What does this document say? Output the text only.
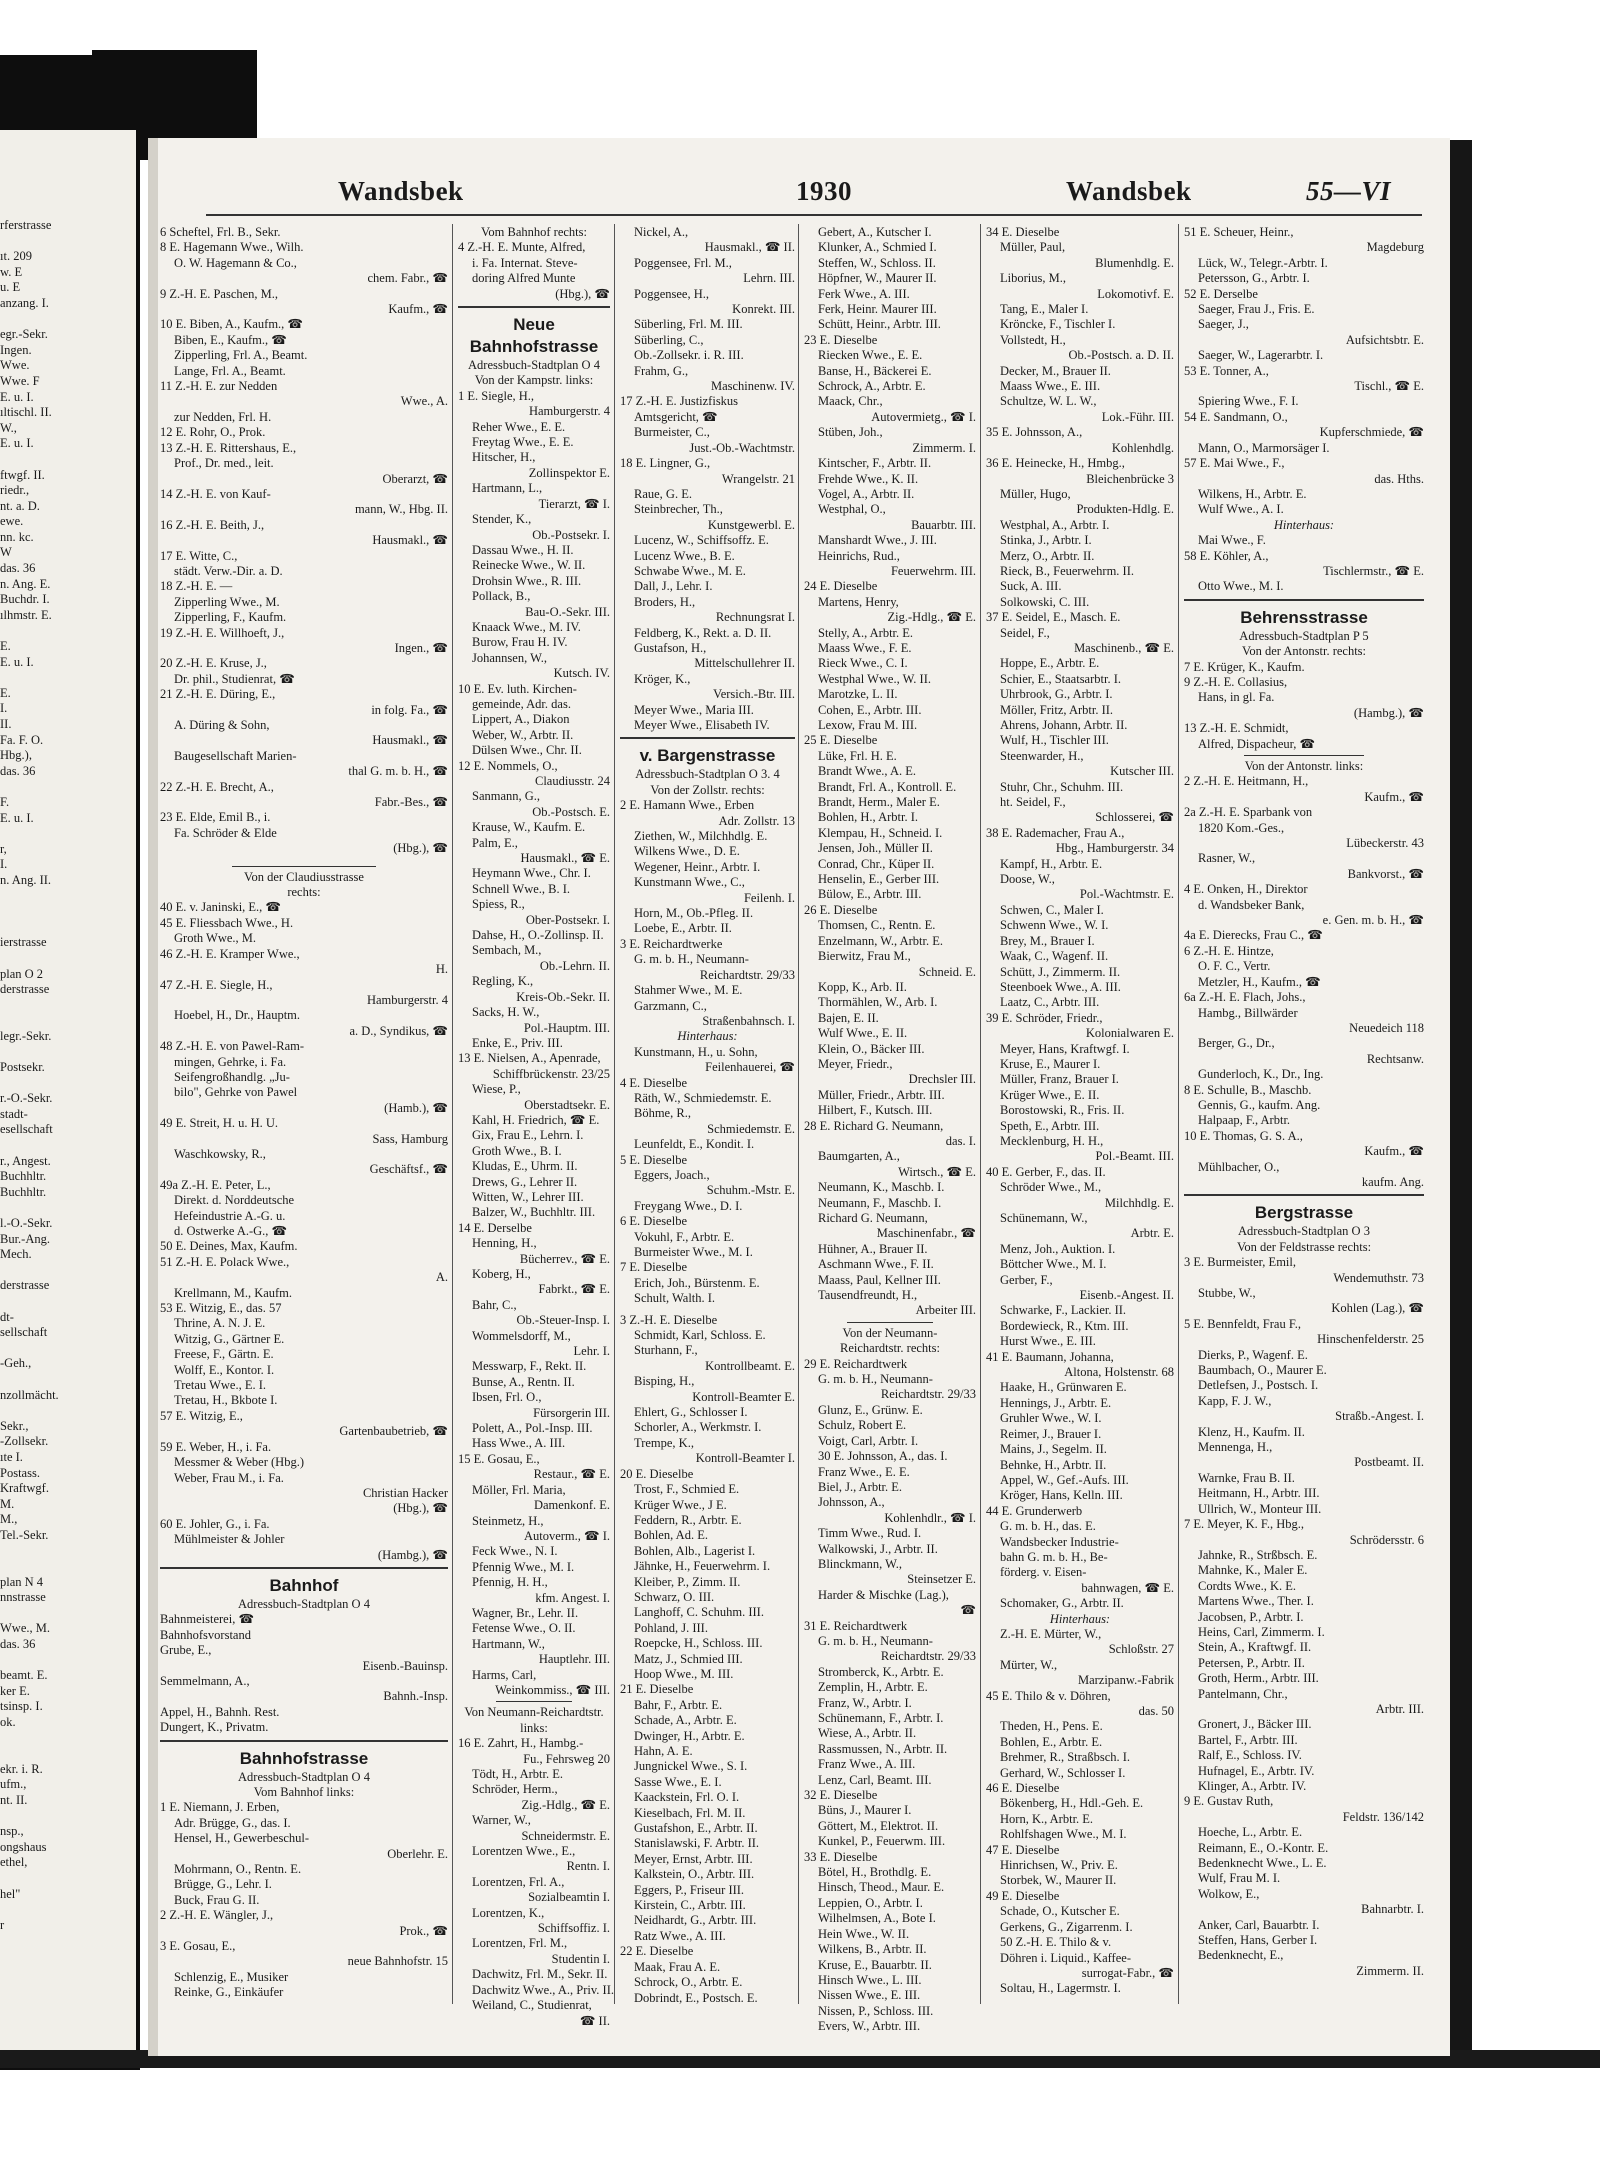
rferstrasse

ıt. 209
w. E
u. E
anzang. I.

egr.-Sekr.
Ingen.
Wwe.
Wwe. F
E. u. I.
ıltischl. II.
W.,
E. u. I.

ftwgf. II.
riedr.,
nt. a. D.
ewe.
nn. kc.
W
das. 36
n. Ang. E.
Buchdr. I.
ılhmstr. E.

E.
E. u. I.

E.
I.
II.
Fa. F. O.
Hbg.),
das. 36

F.
E. u. I.

r,
I.
n. Ang. II.

ierstrasse

plan O 2
derstrasse

legr.-Sekr.

Postsekr.

r.-O.-Sekr.
stadt-
esellschaft

r., Angest.
Buchhltr.
Buchhltr.

l.-O.-Sekr.
Bur.-Ang.
Mech.

derstrasse

dt-
sellschaft

-Geh.,

nzollmächt.

Sekr.,
-Zollsekr.
ıte I.
Postass.
Kraftwgf.
M.
M.,
Tel.-Sekr.

plan N 4
nnstrasse

Wwe., M.
das. 36

beamt. E.
ker E.
tsinsp. I.
ok.

ekr. i. R.
ufm.,
nt. II.

nsp.,
ongshaus
ethel,

hel"

r
Wandsbek	1930	Wandsbek	55—VI
6 Scheftel, Frl. B., Sekr.
8 E. Hagemann Wwe., Wilh.
O. W. Hagemann & Co.,
chem. Fabr., ☎
9 Z.-H. E. Paschen, M.,
Kaufm., ☎
10 E. Biben, A., Kaufm., ☎
Biben, E., Kaufm., ☎
Zipperling, Frl. A., Beamt.
Lange, Frl. A., Beamt.
11 Z.-H. E. zur Nedden
Wwe., A.
zur Nedden, Frl. H.
12 E. Rohr, O., Prok.
13 Z.-H. E. Rittershaus, E.,
Prof., Dr. med., leit.
Oberarzt, ☎
14 Z.-H. E. von Kauf-
mann, W., Hbg. II.
16 Z.-H. E. Beith, J.,
Hausmakl., ☎
17 E. Witte, C.,
städt. Verw.-Dir. a. D.
18 Z.-H. E. —
Zipperling Wwe., M.
Zipperling, F., Kaufm.
19 Z.-H. E. Willhoeft, J.,
Ingen., ☎
20 Z.-H. E. Kruse, J.,
Dr. phil., Studienrat, ☎
21 Z.-H. E. Düring, E.,
in folg. Fa., ☎
A. Düring & Sohn,
Hausmakl., ☎
Baugesellschaft Marien-
thal G. m. b. H., ☎
22 Z.-H. E. Brecht, A.,
Fabr.-Bes., ☎
23 E. Elde, Emil B., i.
Fa. Schröder & Elde
(Hbg.), ☎
Von der Claudiusstrasse
rechts:
40 E. v. Janinski, E., ☎
45 E. Fliessbach Wwe., H.
Groth Wwe., M.
46 Z.-H. E. Kramper Wwe.,
H.
47 Z.-H. E. Siegle, H.,
Hamburgerstr. 4
Hoebel, H., Dr., Hauptm.
a. D., Syndikus, ☎
48 Z.-H. E. von Pawel-Ram-
mingen, Gehrke, i. Fa.
Seifengroßhandlg. „Ju-
bilo", Gehrke von Pawel
(Hamb.), ☎
49 E. Streit, H. u. H. U.
Sass, Hamburg
Waschkowsky, R.,
Geschäftsf., ☎
49a Z.-H. E. Peter, L.,
Direkt. d. Norddeutsche
Hefeindustrie A.-G. u.
d. Ostwerke A.-G., ☎
50 E. Deines, Max, Kaufm.
51 Z.-H. E. Polack Wwe.,
A.
Krellmann, M., Kaufm.
53 E. Witzig, E., das. 57
Thrine, A. N. J. E.
Witzig, G., Gärtner E.
Freese, F., Gärtn. E.
Wolff, E., Kontor. I.
Tretau Wwe., E. I.
Tretau, H., Bkbote I.
57 E. Witzig, E.,
Gartenbaubetrieb, ☎
59 E. Weber, H., i. Fa.
Messmer & Weber (Hbg.)
Weber, Frau M., i. Fa.
Christian Hacker
(Hbg.), ☎
60 E. Johler, G., i. Fa.
Mühlmeister & Johler
(Hambg.), ☎
Bahnhof
Adressbuch-Stadtplan O 4
Bahnmeisterei, ☎
Bahnhofsvorstand
Grube, E.,
Eisenb.-Bauinsp.
Semmelmann, A.,
Bahnh.-Insp.
Appel, H., Bahnh. Rest.
Dungert, K., Privatm.
Bahnhofstrasse
Adressbuch-Stadtplan O 4
Vom Bahnhof links:
1 E. Niemann, J. Erben,
Adr. Brügge, G., das. I.
Hensel, H., Gewerbeschul-
Oberlehr. E.
Mohrmann, O., Rentn. E.
Brügge, G., Lehr. I.
Buck, Frau G. II.
2 Z.-H. E. Wängler, J.,
Prok., ☎
3 E. Gosau, E.,
neue Bahnhofstr. 15
Schlenzig, E., Musiker
Reinke, G., Einkäufer
Vom Bahnhof rechts:
4 Z.-H. E. Munte, Alfred,
i. Fa. Internat. Steve-
doring Alfred Munte
(Hbg.), ☎
Neue Bahnhofstrasse
Adressbuch-Stadtplan O 4
Von der Kampstr. links:
1 E. Siegle, H.,
Hamburgerstr. 4
Reher Wwe., E. E.
Freytag Wwe., E. E.
Hitscher, H.,
Zollinspektor E.
Hartmann, L.,
Tierarzt, ☎ I.
Stender, K.,
Ob.-Postsekr. I.
Dassau Wwe., H. II.
Reinecke Wwe., W. II.
Drohsin Wwe., R. III.
Pollack, B.,
Bau-O.-Sekr. III.
Knaack Wwe., M. IV.
Burow, Frau H. IV.
Johannsen, W.,
Kutsch. IV.
10 E. Ev. luth. Kirchen-
gemeinde, Adr. das.
Lippert, A., Diakon
Weber, W., Arbtr. II.
Dülsen Wwe., Chr. II.
12 E. Nommels, O.,
Claudiusstr. 24
Sanmann, G.,
Ob.-Postsch. E.
Krause, W., Kaufm. E.
Palm, E.,
Hausmakl., ☎ E.
Heymann Wwe., Chr. I.
Schnell Wwe., B. I.
Spiess, R.,
Ober-Postsekr. I.
Dahse, H., O.-Zollinsp. II.
Sembach, M.,
Ob.-Lehrn. II.
Regling, K.,
Kreis-Ob.-Sekr. II.
Sacks, H. W.,
Pol.-Hauptm. III.
Enke, E., Priv. III.
13 E. Nielsen, A., Apenrade,
Schiffbrückenstr. 23/25
Wiese, P.,
Oberstadtsekr. E.
Kahl, H. Friedrich, ☎ E.
Gix, Frau E., Lehrn. I.
Groth Wwe., B. I.
Kludas, E., Uhrm. II.
Drews, G., Lehrer II.
Witten, W., Lehrer III.
Balzer, W., Buchhltr. III.
14 E. Derselbe
Henning, H.,
Bücherrev., ☎ E.
Koberg, H.,
Fabrkt., ☎ E.
Bahr, C.,
Ob.-Steuer-Insp. I.
Wommelsdorff, M.,
Lehr. I.
Messwarp, F., Rekt. II.
Bunse, A., Rentn. II.
Ibsen, Frl. O.,
Fürsorgerin III.
Polett, A., Pol.-Insp. III.
Hass Wwe., A. III.
15 E. Gosau, E.,
Restaur., ☎ E.
Möller, Frl. Maria,
Damenkonf. E.
Steinmetz, H.,
Autoverm., ☎ I.
Feck Wwe., N. I.
Pfennig Wwe., M. I.
Pfennig, H. H.,
kfm. Angest. I.
Wagner, Br., Lehr. II.
Fetense Wwe., O. II.
Hartmann, W.,
Hauptlehr. III.
Harms, Carl,
Weinkommiss., ☎ III.
Von Neumann-Reichardtstr.
links:
16 E. Zahrt, H., Hambg.-
Fu., Fehrsweg 20
Tödt, H., Arbtr. E.
Schröder, Herm.,
Zig.-Hdlg., ☎ E.
Warner, W.,
Schneidermstr. E.
Lorentzen Wwe., E.,
Rentn. I.
Lorentzen, Frl. A.,
Sozialbeamtin I.
Lorentzen, K.,
Schiffsoffiz. I.
Lorentzen, Frl. M.,
Studentin I.
Dachwitz, Frl. M., Sekr. II.
Dachwitz Wwe., A., Priv. II.
Weiland, C., Studienrat,
☎ II.
Nickel, A.,
Hausmakl., ☎ II.
Poggensee, Frl. M.,
Lehrn. III.
Poggensee, H.,
Konrekt. III.
Süberling, Frl. M. III.
Süberling, C.,
Ob.-Zollsekr. i. R. III.
Frahm, G.,
Maschinenw. IV.
17 Z.-H. E. Justizfiskus
Amtsgericht, ☎
Burmeister, C.,
Just.-Ob.-Wachtmstr.
18 E. Lingner, G.,
Wrangelstr. 21
Raue, G. E.
Steinbrecher, Th.,
Kunstgewerbl. E.
Lucenz, W., Schiffsoffz. E.
Lucenz Wwe., B. E.
Schwabe Wwe., M. E.
Dall, J., Lehr. I.
Broders, H.,
Rechnungsrat I.
Feldberg, K., Rekt. a. D. II.
Gustafson, H.,
Mittelschullehrer II.
Kröger, K.,
Versich.-Btr. III.
Meyer Wwe., Maria III.
Meyer Wwe., Elisabeth IV.
v. Bargenstrasse
Adressbuch-Stadtplan O 3. 4
Von der Zollstr. rechts:
2 E. Hamann Wwe., Erben
Adr. Zollstr. 13
Ziethen, W., Milchhdlg. E.
Wilkens Wwe., D. E.
Wegener, Heinr., Arbtr. I.
Kunstmann Wwe., C.,
Feilenh. I.
Horn, M., Ob.-Pfleg. II.
Loebe, E., Arbtr. II.
3 E. Reichardtwerke
G. m. b. H., Neumann-
Reichardtstr. 29/33
Stahmer Wwe., M. E.
Garzmann, C.,
Straßenbahnsch. I.
Hinterhaus:
Kunstmann, H., u. Sohn,
Feilenhauerei, ☎
4 E. Dieselbe
Räth, W., Schmiedemstr. E.
Böhme, R.,
Schmiedemstr. E.
Leunfeldt, E., Kondit. I.
5 E. Dieselbe
Eggers, Joach.,
Schuhm.-Mstr. E.
Freygang Wwe., D. I.
6 E. Dieselbe
Vokuhl, F., Arbtr. E.
Burmeister Wwe., M. I.
7 E. Dieselbe
Erich, Joh., Bürstenm. E.
Schult, Walth. I.
3 Z.-H. E. Dieselbe
Schmidt, Karl, Schloss. E.
Sturhann, F.,
Kontrollbeamt. E.
Bisping, H.,
Kontroll-Beamter E.
Ehlert, G., Schlosser I.
Schorler, A., Werkmstr. I.
Trempe, K.,
Kontroll-Beamter I.
20 E. Dieselbe
Trost, F., Schmied E.
Krüger Wwe., J E.
Feddern, R., Arbtr. E.
Bohlen, Ad. E.
Bohlen, Alb., Lagerist I.
Jähnke, H., Feuerwehrm. I.
Kleiber, P., Zimm. II.
Schwarz, O. III.
Langhoff, C. Schuhm. III.
Pohland, J. III.
Roepcke, H., Schloss. III.
Matz, J., Schmied III.
Hoop Wwe., M. III.
21 E. Dieselbe
Bahr, F., Arbtr. E.
Schade, A., Arbtr. E.
Dwinger, H., Arbtr. E.
Hahn, A. E.
Jungnickel Wwe., S. I.
Sasse Wwe., E. I.
Kaackstein, Frl. O. I.
Kieselbach, Frl. M. II.
Gustafshon, E., Arbtr. II.
Stanislawski, F. Arbtr. II.
Meyer, Ernst, Arbtr. III.
Kalkstein, O., Arbtr. III.
Eggers, P., Friseur III.
Kirstein, C., Arbtr. III.
Neidhardt, G., Arbtr. III.
Ratz Wwe., A. III.
22 E. Dieselbe
Maak, Frau A. E.
Schrock, O., Arbtr. E.
Dobrindt, E., Postsch. E.
Gebert, A., Kutscher I.
Klunker, A., Schmied I.
Steffen, W., Schloss. II.
Höpfner, W., Maurer II.
Ferk Wwe., A. III.
Ferk, Heinr. Maurer III.
Schütt, Heinr., Arbtr. III.
23 E. Dieselbe
Riecken Wwe., E. E.
Banse, H., Bäckerei E.
Schrock, A., Arbtr. E.
Maack, Chr.,
Autovermietg., ☎ I.
Stüben, Joh.,
Zimmerm. I.
Kintscher, F., Arbtr. II.
Frehde Wwe., K. II.
Vogel, A., Arbtr. II.
Westphal, O.,
Bauarbtr. III.
Manshardt Wwe., J. III.
Heinrichs, Rud.,
Feuerwehrm. III.
24 E. Dieselbe
Martens, Henry,
Zig.-Hdlg., ☎ E.
Stelly, A., Arbtr. E.
Maass Wwe., F. E.
Rieck Wwe., C. I.
Westphal Wwe., W. II.
Marotzke, L. II.
Cohen, E., Arbtr. III.
Lexow, Frau M. III.
25 E. Dieselbe
Lüke, Frl. H. E.
Brandt Wwe., A. E.
Brandt, Frl. A., Kontroll. E.
Brandt, Herm., Maler E.
Bohlen, H., Arbtr. I.
Klempau, H., Schneid. I.
Jensen, Joh., Müller II.
Conrad, Chr., Küper II.
Henselin, E., Gerber III.
Bülow, E., Arbtr. III.
26 E. Dieselbe
Thomsen, C., Rentn. E.
Enzelmann, W., Arbtr. E.
Bierwitz, Frau M.,
Schneid. E.
Kopp, K., Arb. II.
Thormählen, W., Arb. I.
Bajen, E. II.
Wulf Wwe., E. II.
Klein, O., Bäcker III.
Meyer, Friedr.,
Drechsler III.
Müller, Friedr., Arbtr. III.
Hilbert, F., Kutsch. III.
28 E. Richard G. Neumann,
das. I.
Baumgarten, A.,
Wirtsch., ☎ E.
Neumann, K., Maschb. I.
Neumann, F., Maschb. I.
Richard G. Neumann,
Maschinenfabr., ☎
Hühner, A., Brauer II.
Aschmann Wwe., F. II.
Maass, Paul, Kellner III.
Tausendfreundt, H.,
Arbeiter III.
Von der Neumann-
Reichardtstr. rechts:
29 E. Reichardtwerk
G. m. b. H., Neumann-
Reichardtstr. 29/33
Glunz, E., Grünw. E.
Schulz, Robert E.
Voigt, Carl, Arbtr. I.
30 E. Johnsson, A., das. I.
Franz Wwe., E. E.
Biel, J., Arbtr. E.
Johnsson, A.,
Kohlenhdlr., ☎ I.
Timm Wwe., Rud. I.
Walkowski, J., Arbtr. II.
Blinckmann, W.,
Steinsetzer E.
Harder & Mischke (Lag.),
☎
31 E. Reichardtwerk
G. m. b. H., Neumann-
Reichardtstr. 29/33
Stromberck, K., Arbtr. E.
Zemplin, H., Arbtr. E.
Franz, W., Arbtr. I.
Schünemann, F., Arbtr. I.
Wiese, A., Arbtr. II.
Rassmussen, N., Arbtr. II.
Franz Wwe., A. III.
Lenz, Carl, Beamt. III.
32 E. Dieselbe
Büns, J., Maurer I.
Göttert, M., Elektrot. II.
Kunkel, P., Feuerwm. III.
33 E. Dieselbe
Bötel, H., Brothdlg. E.
Hinsch, Theod., Maur. E.
Leppien, O., Arbtr. I.
Wilhelmsen, A., Bote I.
Hein Wwe., W. II.
Wilkens, B., Arbtr. II.
Kruse, E., Bauarbtr. II.
Hinsch Wwe., L. III.
Nissen Wwe., E. III.
Nissen, P., Schloss. III.
Evers, W., Arbtr. III.
34 E. Dieselbe
Müller, Paul,
Blumenhdlg. E.
Liborius, M.,
Lokomotivf. E.
Tang, E., Maler I.
Kröncke, F., Tischler I.
Vollstedt, H.,
Ob.-Postsch. a. D. II.
Decker, M., Brauer II.
Maass Wwe., E. III.
Schultze, W. L. W.,
Lok.-Führ. III.
35 E. Johnsson, A.,
Kohlenhdlg.
36 E. Heinecke, H., Hmbg.,
Bleichenbrücke 3
Müller, Hugo,
Produkten-Hdlg. E.
Westphal, A., Arbtr. I.
Stinka, J., Arbtr. I.
Merz, O., Arbtr. II.
Rieck, B., Feuerwehrm. II.
Suck, A. III.
Solkowski, C. III.
37 E. Seidel, E., Masch. E.
Seidel, F.,
Maschinenb., ☎ E.
Hoppe, E., Arbtr. E.
Schier, E., Staatsarbtr. I.
Uhrbrook, G., Arbtr. I.
Möller, Fritz, Arbtr. II.
Ahrens, Johann, Arbtr. II.
Wulf, H., Tischler III.
Steenwarder, H.,
Kutscher III.
Stuhr, Chr., Schuhm. III.
ht. Seidel, F.,
Schlosserei, ☎
38 E. Rademacher, Frau A.,
Hbg., Hamburgerstr. 34
Kampf, H., Arbtr. E.
Doose, W.,
Pol.-Wachtmstr. E.
Schwen, C., Maler I.
Schwenn Wwe., W. I.
Brey, M., Brauer I.
Waak, C., Wagenf. II.
Schütt, J., Zimmerm. II.
Steenboek Wwe., A. III.
Laatz, C., Arbtr. III.
39 E. Schröder, Friedr.,
Kolonialwaren E.
Meyer, Hans, Kraftwgf. I.
Kruse, E., Maurer I.
Müller, Franz, Brauer I.
Krüger Wwe., E. II.
Borostowski, R., Fris. II.
Speth, E., Arbtr. III.
Mecklenburg, H. H.,
Pol.-Beamt. III.
40 E. Gerber, F., das. II.
Schröder Wwe., M.,
Milchhdlg. E.
Schünemann, W.,
Arbtr. E.
Menz, Joh., Auktion. I.
Böttcher Wwe., M. I.
Gerber, F.,
Eisenb.-Angest. II.
Schwarke, F., Lackier. II.
Bordewieck, R., Ktm. III.
Hurst Wwe., E. III.
41 E. Baumann, Johanna,
Altona, Holstenstr. 68
Haake, H., Grünwaren E.
Hennings, J., Arbtr. E.
Gruhler Wwe., W. I.
Reimer, J., Brauer I.
Mains, J., Segelm. II.
Behnke, H., Arbtr. II.
Appel, W., Gef.-Aufs. III.
Kröger, Hans, Kelln. III.
44 E. Grunderwerb
G. m. b. H., das. E.
Wandsbecker Industrie-
bahn G. m. b. H., Be-
förderg. v. Eisen-
bahnwagen, ☎ E.
Schomaker, G., Arbtr. II.
Hinterhaus:
Z.-H. E. Mürter, W.,
Schloßstr. 27
Mürter, W.,
Marzipanw.-Fabrik
45 E. Thilo & v. Döhren,
das. 50
Theden, H., Pens. E.
Bohlen, E., Arbtr. E.
Brehmer, R., Straßbsch. I.
Gerhard, W., Schlosser I.
46 E. Dieselbe
Bökenberg, H., Hdl.-Geh. E.
Horn, K., Arbtr. E.
Rohlfshagen Wwe., M. I.
47 E. Dieselbe
Hinrichsen, W., Priv. E.
Storbek, W., Maurer II.
49 E. Dieselbe
Schade, O., Kutscher E.
Gerkens, G., Zigarrenm. I.
50 Z.-H. E. Thilo & v.
Döhren i. Liquid., Kaffee-
surrogat-Fabr., ☎
Soltau, H., Lagermstr. I.
51 E. Scheuer, Heinr.,
Magdeburg
Lück, W., Telegr.-Arbtr. I.
Petersson, G., Arbtr. I.
52 E. Derselbe
Saeger, Frau J., Fris. E.
Saeger, J.,
Aufsichtsbtr. E.
Saeger, W., Lagerarbtr. I.
53 E. Tonner, A.,
Tischl., ☎ E.
Spiering Wwe., F. I.
54 E. Sandmann, O.,
Kupferschmiede, ☎
Mann, O., Marmorsäger I.
57 E. Mai Wwe., F.,
das. Hths.
Wilkens, H., Arbtr. E.
Wulf Wwe., A. I.
Hinterhaus:
Mai Wwe., F.
58 E. Köhler, A.,
Tischlermstr., ☎ E.
Otto Wwe., M. I.
Behrensstrasse
Adressbuch-Stadtplan P 5
Von der Antonstr. rechts:
7 E. Krüger, K., Kaufm.
9 Z.-H. E. Collasius,
Hans, in gl. Fa.
(Hambg.), ☎
13 Z.-H. E. Schmidt,
Alfred, Dispacheur, ☎
Von der Antonstr. links:
2 Z.-H. E. Heitmann, H.,
Kaufm., ☎
2a Z.-H. E. Sparbank von
1820 Kom.-Ges.,
Lübeckerstr. 43
Rasner, W.,
Bankvorst., ☎
4 E. Onken, H., Direktor
d. Wandsbeker Bank,
e. Gen. m. b. H., ☎
4a E. Dierecks, Frau C., ☎
6 Z.-H. E. Hintze,
O. F. C., Vertr.
Metzler, H., Kaufm., ☎
6a Z.-H. E. Flach, Johs.,
Hambg., Billwärder
Neuedeich 118
Berger, G., Dr.,
Rechtsanw.
Gunderloch, K., Dr., Ing.
8 E. Schulle, B., Maschb.
Gennis, G., kaufm. Ang.
Halpaap, F., Arbtr.
10 E. Thomas, G. S. A.,
Kaufm., ☎
Mühlbacher, O.,
kaufm. Ang.
Bergstrasse
Adressbuch-Stadtplan O 3
Von der Feldstrasse rechts:
3 E. Burmeister, Emil,
Wendemuthstr. 73
Stubbe, W.,
Kohlen (Lag.), ☎
5 E. Bennfeldt, Frau F.,
Hinschenfelderstr. 25
Dierks, P., Wagenf. E.
Baumbach, O., Maurer E.
Detlefsen, J., Postsch. I.
Kapp, F. J. W.,
Straßb.-Angest. I.
Klenz, H., Kaufm. II.
Mennenga, H.,
Postbeamt. II.
Warnke, Frau B. II.
Heitmann, H., Arbtr. III.
Ullrich, W., Monteur III.
7 E. Meyer, K. F., Hbg.,
Schrödersstr. 6
Jahnke, R., Strßbsch. E.
Mahnke, K., Maler E.
Cordts Wwe., K. E.
Martens Wwe., Ther. I.
Jacobsen, P., Arbtr. I.
Heins, Carl, Zimmerm. I.
Stein, A., Kraftwgf. II.
Petersen, P., Arbtr. II.
Groth, Herm., Arbtr. III.
Pantelmann, Chr.,
Arbtr. III.
Gronert, J., Bäcker III.
Bartel, F., Arbtr. III.
Ralf, E., Schloss. IV.
Hufnagel, E., Arbtr. IV.
Klinger, A., Arbtr. IV.
9 E. Gustav Ruth,
Feldstr. 136/142
Hoeche, L., Arbtr. E.
Reimann, E., O.-Kontr. E.
Bedenknecht Wwe., L. E.
Wulf, Frau M. I.
Wolkow, E.,
Bahnarbtr. I.
Anker, Carl, Bauarbtr. I.
Steffen, Hans, Gerber I.
Bedenknecht, E.,
Zimmerm. II.
